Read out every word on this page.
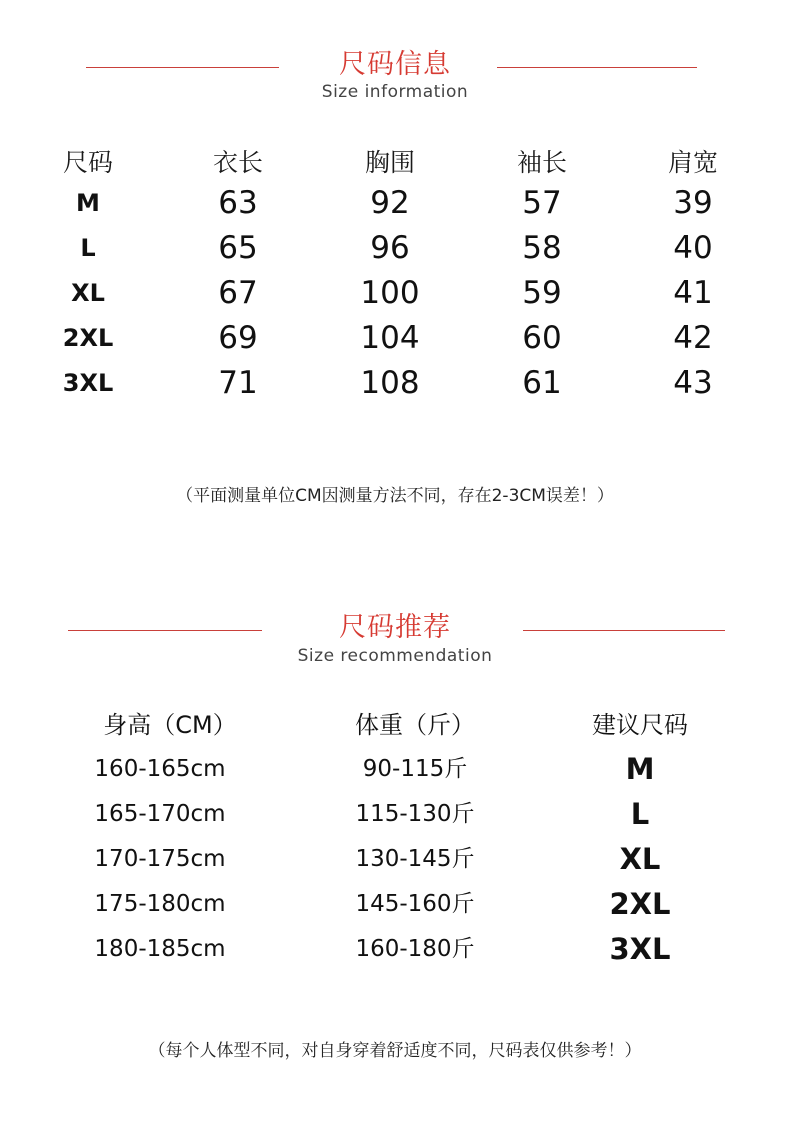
尺码信息
Size information
尺码	衣长	胸围	袖长	肩宽
M	63	92	57	39
L	65	96	58	40
XL	67	100	59	41
2XL	69	104	60	42
3XL	71	108	61	43
（平面测量单位CM因测量方法不同，存在2-3CM误差！）
尺码推荐
Size recommendation
身高（CM）	体重（斤）	建议尺码
160-165cm	90-115斤	M
165-170cm	115-130斤	L
170-175cm	130-145斤	XL
175-180cm	145-160斤	2XL
180-185cm	160-180斤	3XL
（每个人体型不同，对自身穿着舒适度不同，尺码表仅供参考！）
